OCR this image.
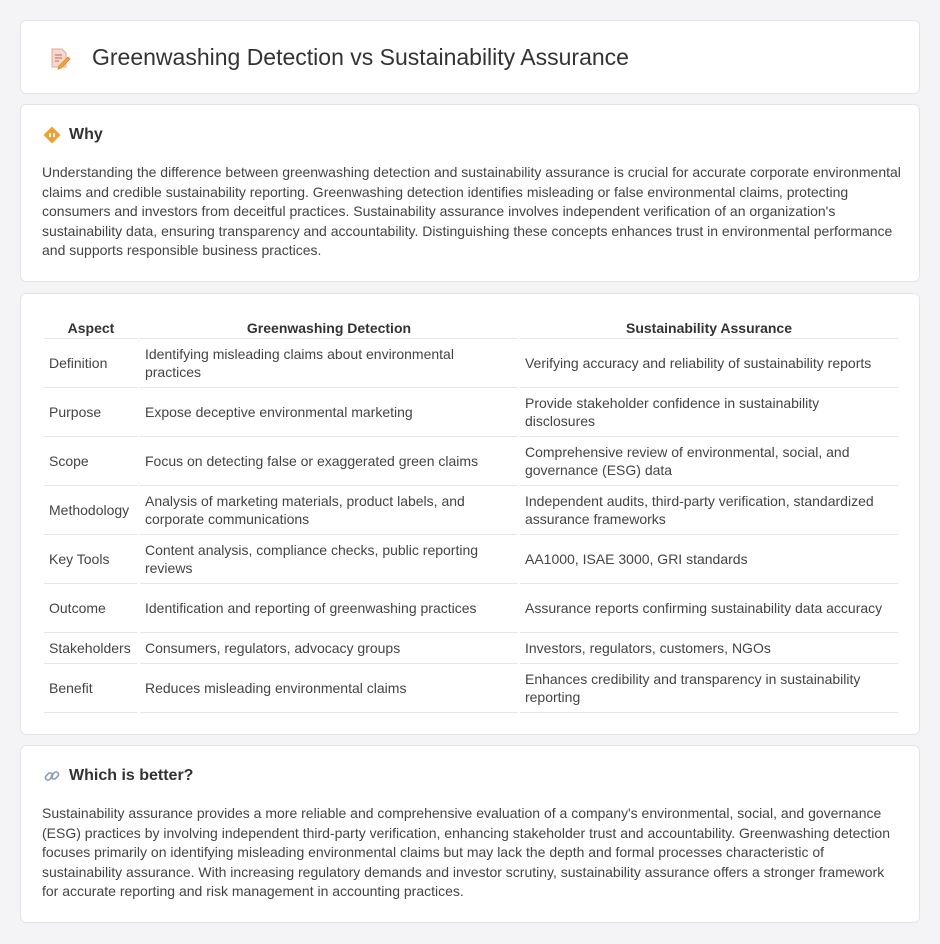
Greenwashing Detection vs Sustainability Assurance
Why

Understanding the difference between greenwashing detection and sustainability assurance is crucial for accurate corporate environmental claims and credible sustainability reporting. Greenwashing detection identifies misleading or false environmental claims, protecting consumers and investors from deceitful practices. Sustainability assurance involves independent verification of an organization's sustainability data, ensuring transparency and accountability. Distinguishing these concepts enhances trust in environmental performance and supports responsible business practices.

Aspect	Greenwashing Detection	Sustainability Assurance
Definition	Identifying misleading claims about environmental practices	Verifying accuracy and reliability of sustainability reports
Purpose	Expose deceptive environmental marketing	Provide stakeholder confidence in sustainability disclosures
Scope	Focus on detecting false or exaggerated green claims	Comprehensive review of environmental, social, and governance (ESG) data
Methodology	Analysis of marketing materials, product labels, and corporate communications	Independent audits, third-party verification, standardized assurance frameworks
Key Tools	Content analysis, compliance checks, public reporting reviews	AA1000, ISAE 3000, GRI standards
Outcome	Identification and reporting of greenwashing practices	Assurance reports confirming sustainability data accuracy
Stakeholders	Consumers, regulators, advocacy groups	Investors, regulators, customers, NGOs
Benefit	Reduces misleading environmental claims	Enhances credibility and transparency in sustainability reporting
Which is better?

Sustainability assurance provides a more reliable and comprehensive evaluation of a company's environmental, social, and governance (ESG) practices by involving independent third-party verification, enhancing stakeholder trust and accountability. Greenwashing detection focuses primarily on identifying misleading environmental claims but may lack the depth and formal processes characteristic of sustainability assurance. With increasing regulatory demands and investor scrutiny, sustainability assurance offers a stronger framework for accurate reporting and risk management in accounting practices.
